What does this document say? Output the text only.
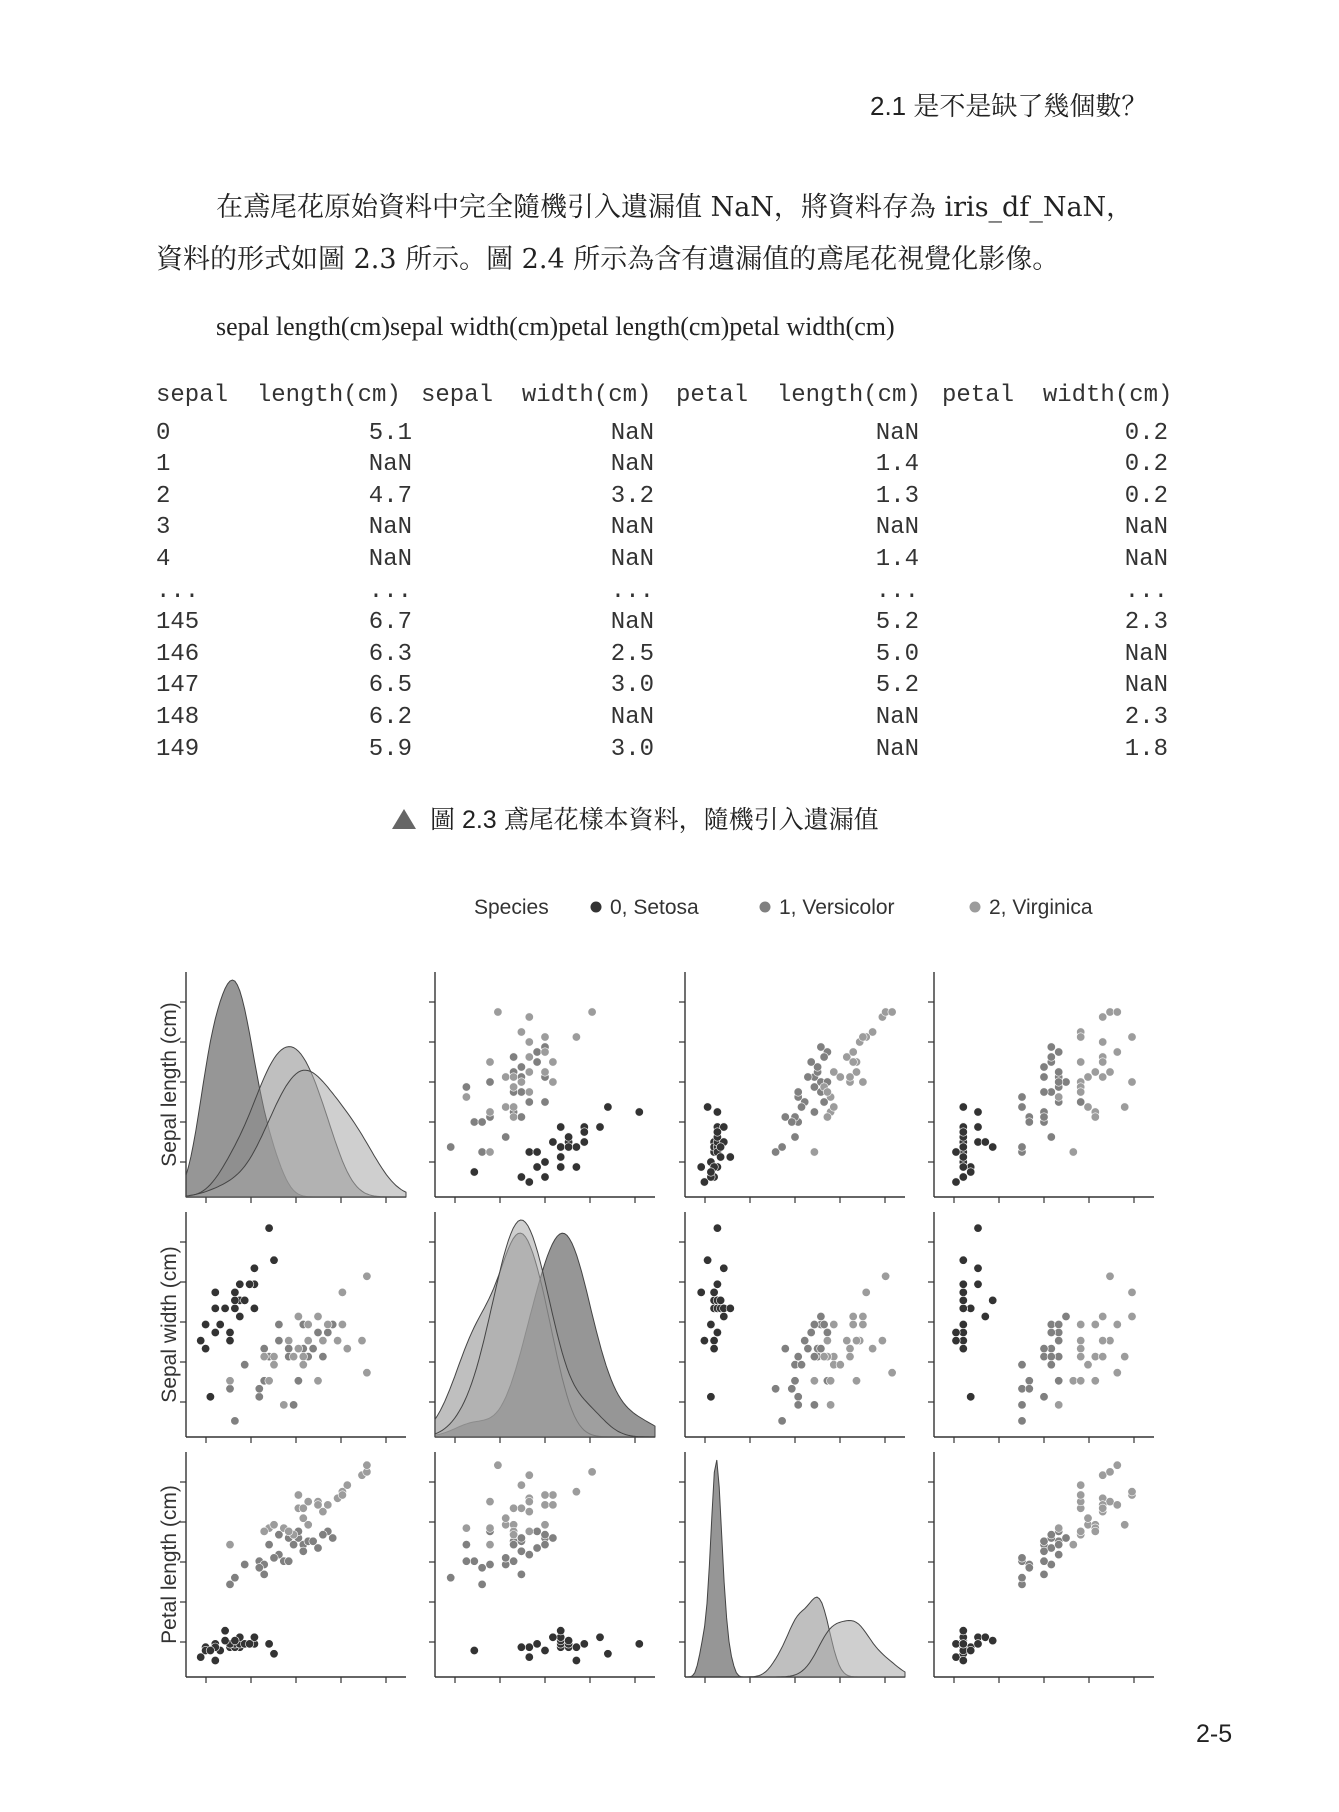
2.1 是不是缺了幾個數？

在鳶尾花原始資料中完全隨機引入遺漏值 NaN，將資料存為 iris_df_NaN，

資料的形式如圖 2.3 所示。圖 2.4 所示為含有遺漏值的鳶尾花視覺化影像。

sepal length(cm)sepal width(cm)petal length(cm)petal width(cm)
sepal  length(cm) sepal  width(cm) petal  length(cm) petal  width(cm)
0	5.1	NaN	NaN	0.2
1	NaN	NaN	1.4	0.2
2	4.7	3.2	1.3	0.2
3	NaN	NaN	NaN	NaN
4	NaN	NaN	1.4	NaN
...	...	...	...	...
145	6.7	NaN	5.2	2.3
146	6.3	2.5	5.0	NaN
147	6.5	3.0	5.2	NaN
148	6.2	NaN	NaN	2.3
149	5.9	3.0	NaN	1.8
圖 2.3 鳶尾花樣本資料，隨機引入遺漏值
Species	0, Setosa	1, Versicolor	2, Virginica
Sepal length (cm)
Sepal width (cm)
Petal length (cm)
2-5
